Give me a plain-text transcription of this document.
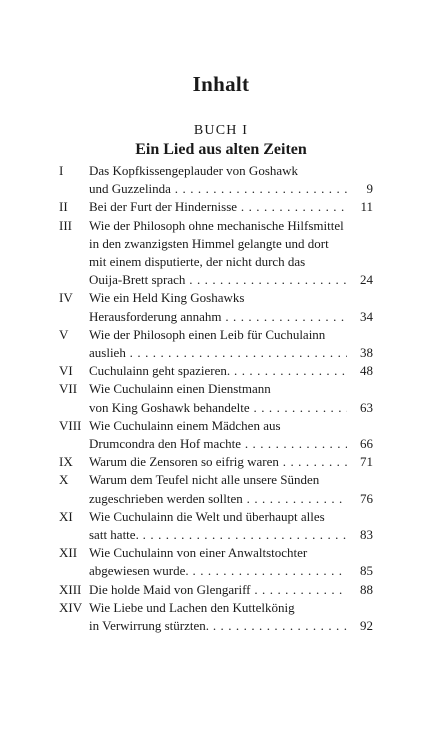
Inhalt
BUCH I
Ein Lied aus alten Zeiten
I Das Kopfkissengeplauder von Goshawk
und Guzzelinda . . .	9
II Bei der Furt der Hindernisse . . .	11
III Wie der Philosoph ohne mechanische Hilfsmittel
in den zwanzigsten Himmel gelangte und dort
mit einem disputierte, der nicht durch das
Ouija-Brett sprach . . .	24
IV Wie ein Held King Goshawks
Herausforderung annahm . . .	34
V Wie der Philosoph einen Leib für Cuchulainn
auslieh . . .	38
VI Cuchulainn geht spazieren. . . .	48
VII Wie Cuchulainn einen Dienstmann
von King Goshawk behandelte . . .	63
VIII Wie Cuchulainn einem Mädchen aus
Drumcondra den Hof machte . . .	66
IX Warum die Zensoren so eifrig waren . . .	71
X Warum dem Teufel nicht alle unsere Sünden
zugeschrieben werden sollten . . .	76
XI Wie Cuchulainn die Welt und überhaupt alles
satt hatte. . . .	83
XII Wie Cuchulainn von einer Anwaltstochter
abgewiesen wurde. . . .	85
XIII Die holde Maid von Glengariff . . .	88
XIV Wie Liebe und Lachen den Kuttelkönig
in Verwirrung stürzten. . . .	92
